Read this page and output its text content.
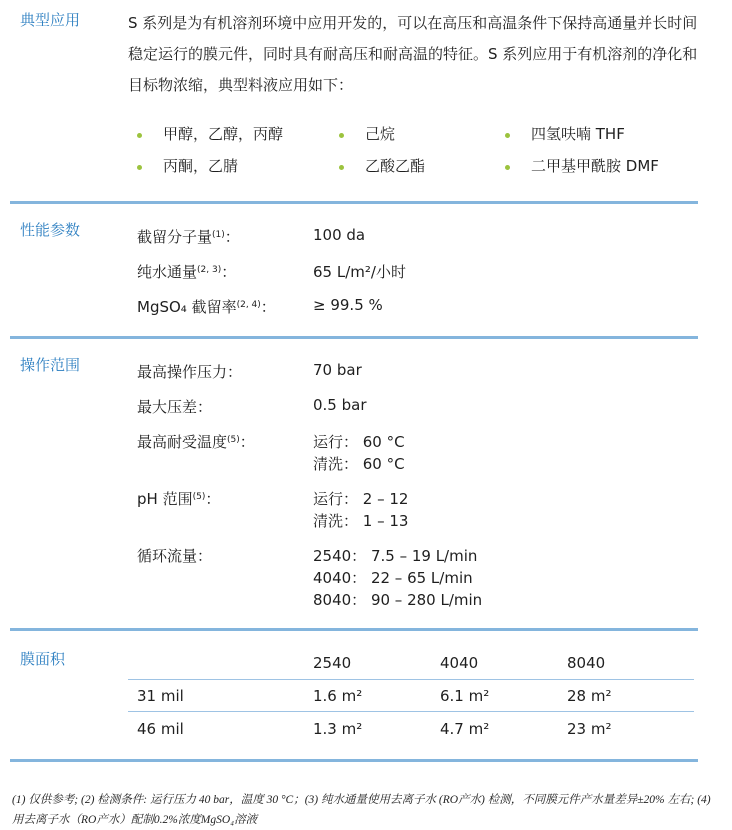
典型应用	S 系列是为有机溶剂环境中应用开发的，可以在高压和高温条件下保持高通量并长时间稳定运行的膜元件，同时具有耐高压和耐高温的特征。S 系列应用于有机溶剂的净化和目标物浓缩，典型料液应用如下：

甲醇，乙醇，丙醇	己烷	四氢呋喃 THF
丙酮，乙腈	乙酸乙酯	二甲基甲酰胺 DMF
性能参数	截留分子量$^{(1)}$：	100 da
纯水通量$^{(2, 3)}$：	65 L/m²/小时
MgSO₄ 截留率$^{(2, 4)}$： ≥ 99.5 %
操作范围	最高操作压力：	70 bar
最大压差：	0.5 bar
最高耐受温度$^{(5)}$：	运行： 60 °C
清洗： 60 °C
pH 范围$^{(5)}$：	运行： 2 – 12
清洗： 1 – 13
循环流量：	2540： 7.5 – 19 L/min
4040： 22 – 65 L/min
8040： 90 – 280 L/min
膜面积	2540	4040	8040
31 mil	1.6 m²	6.1 m²	28 m²
46 mil	1.3 m²	4.7 m²	23 m²
(1) 仅供参考; (2) 检测条件: 运行压力 40 bar，温度 30 °C；(3) 纯水通量使用去离子水 (RO产水) 检测，不同膜元件产水量差异±20% 左右; (4) 用去离子水（RO产水）配制0.2%浓度MgSO₄溶液
